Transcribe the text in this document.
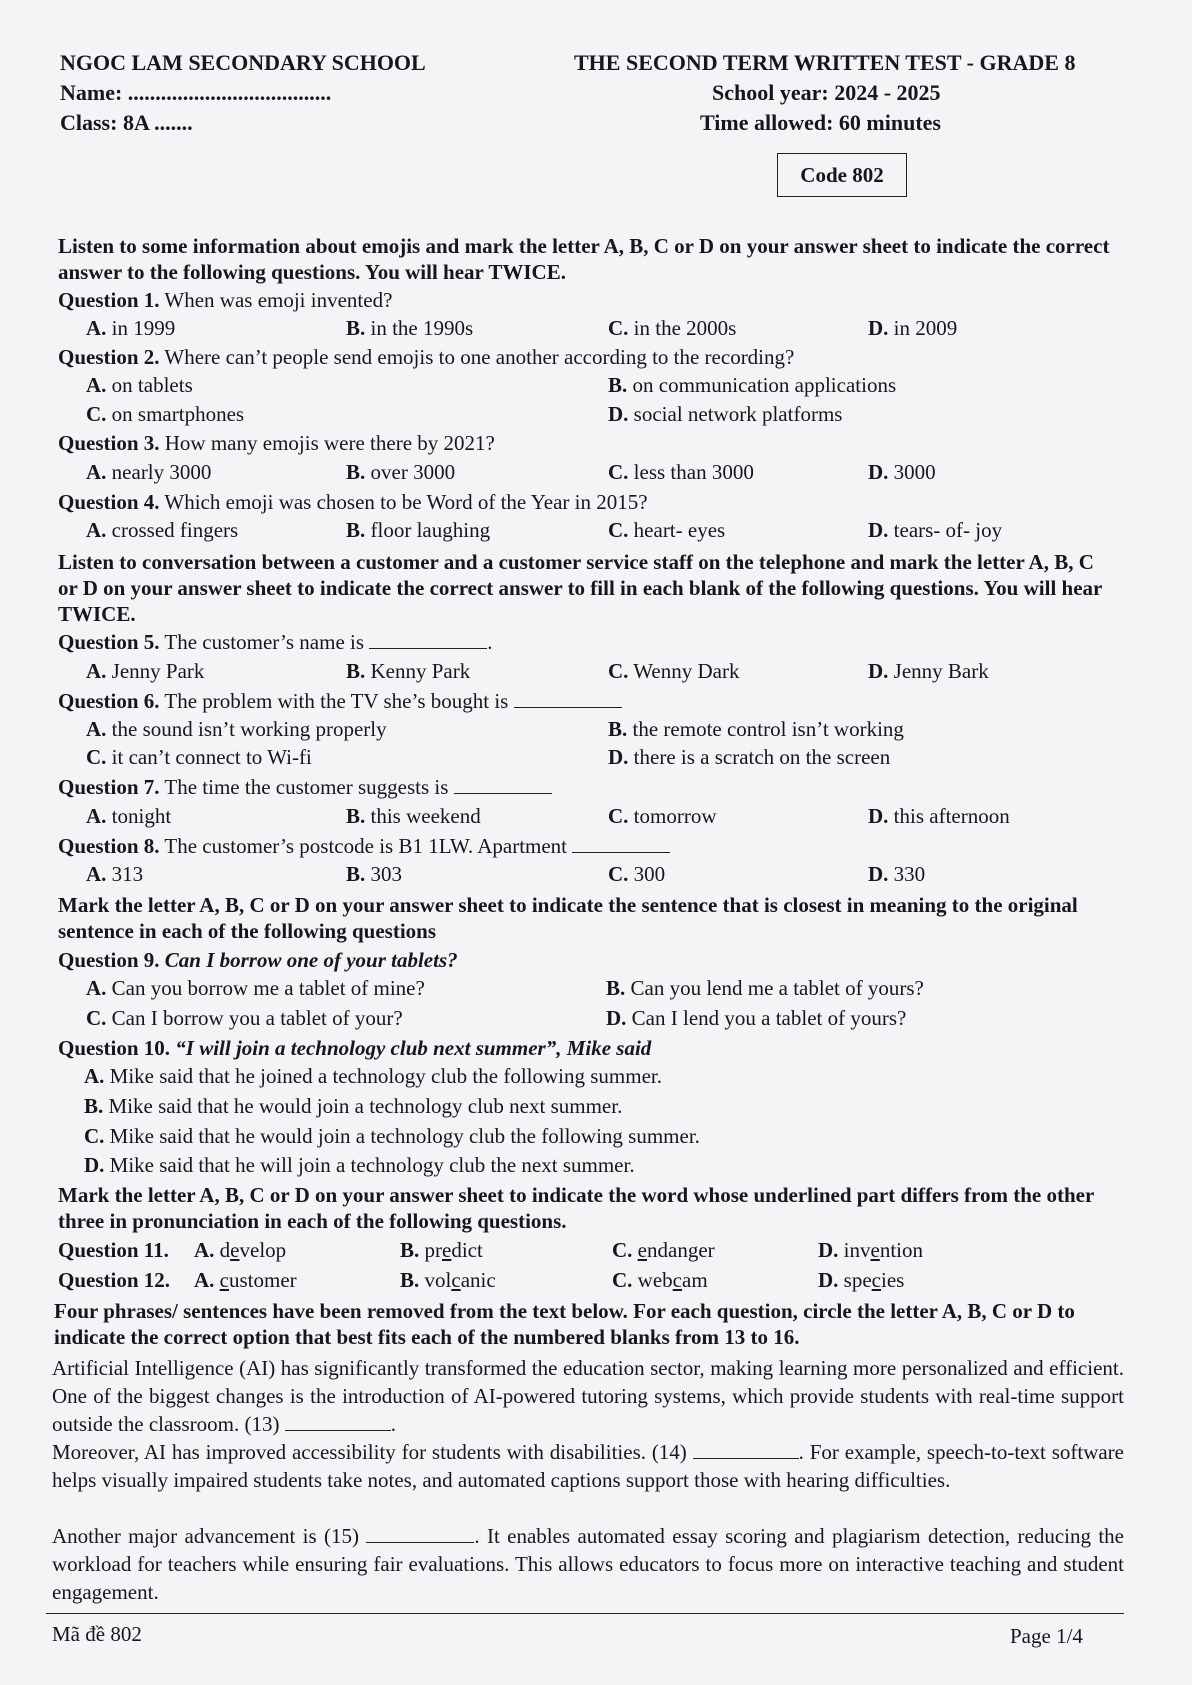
NGOC LAM SECONDARY SCHOOL
Name: .....................................
Class: 8A .......
THE SECOND TERM WRITTEN TEST - GRADE 8
School year: 2024 - 2025
Time allowed: 60 minutes
Code 802
Listen to some information about emojis and mark the letter A, B, C or D on your answer sheet to indicate the correct answer to the following questions. You will hear TWICE.
Question 1. When was emoji invented?
A. in 1999	B. in the 1990s	C. in the 2000s	D. in 2009
Question 2. Where can’t people send emojis to one another according to the recording?
A. on tablets	B. on communication applications
C. on smartphones	D. social network platforms
Question 3. How many emojis were there by 2021?
A. nearly 3000	B. over 3000	C. less than 3000	D. 3000
Question 4. Which emoji was chosen to be Word of the Year in 2015?
A. crossed fingers	B. floor laughing	C. heart- eyes	D. tears- of- joy
Listen to conversation between a customer and a customer service staff on the telephone and mark the letter A, B, C or D on your answer sheet to indicate the correct answer to fill in each blank of the following questions. You will hear TWICE.
Question 5. The customer’s name is	.
A. Jenny Park	B. Kenny Park	C. Wenny Dark	D. Jenny Bark
Question 6. The problem with the TV she’s bought is
A. the sound isn’t working properly	B. the remote control isn’t working
C. it can’t connect to Wi-fi	D. there is a scratch on the screen
Question 7. The time the customer suggests is
A. tonight	B. this weekend	C. tomorrow	D. this afternoon
Question 8. The customer’s postcode is B1 1LW. Apartment
A. 313	B. 303	C. 300	D. 330
Mark the letter A, B, C or D on your answer sheet to indicate the sentence that is closest in meaning to the original sentence in each of the following questions
Question 9. Can I borrow one of your tablets?
A. Can you borrow me a tablet of mine?	B. Can you lend me a tablet of yours?
C. Can I borrow you a tablet of your?	D. Can I lend you a tablet of yours?
Question 10. “I will join a technology club next summer”, Mike said
A. Mike said that he joined a technology club the following summer.
B. Mike said that he would join a technology club next summer.
C. Mike said that he would join a technology club the following summer.
D. Mike said that he will join a technology club the next summer.
Mark the letter A, B, C or D on your answer sheet to indicate the word whose underlined part differs from the other three in pronunciation in each of the following questions.
Question 11. A. develop	B. predict	C. endanger	D. invention
Question 12. A. customer	B. volcanic	C. webcam	D. species
Four phrases/ sentences have been removed from the text below. For each question, circle the letter A, B, C or D to indicate the correct option that best fits each of the numbered blanks from 13 to 16.
Artificial Intelligence (AI) has significantly transformed the education sector, making learning more personalized and efficient. One of the biggest changes is the introduction of AI-powered tutoring systems, which provide students with real-time support outside the classroom. (13)	.
Moreover, AI has improved accessibility for students with disabilities. (14)	. For example, speech-to-text software helps visually impaired students take notes, and automated captions support those with hearing difficulties.
Another major advancement is (15)	. It enables automated essay scoring and plagiarism detection, reducing the workload for teachers while ensuring fair evaluations. This allows educators to focus more on interactive teaching and student engagement.
Mã đề 802	Page 1/4
